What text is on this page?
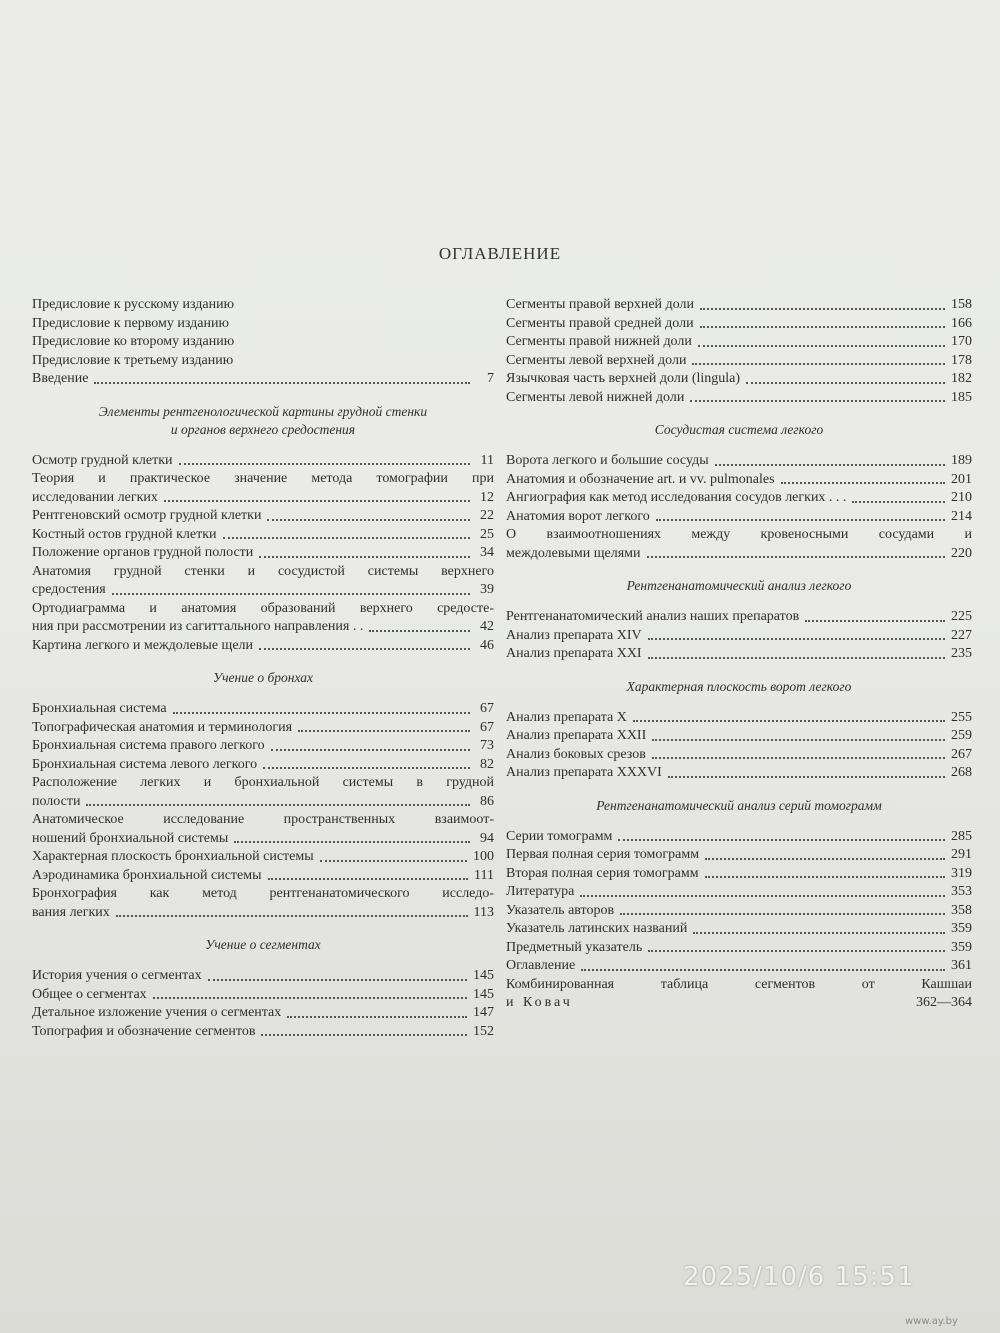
ОГЛАВЛЕНИЕ
Предисловие к русскому изданию
Предисловие к первому изданию
Предисловие ко второму изданию
Предисловие к третьему изданию
Введение	7
Элементы рентгенологической картины грудной стенки
и органов верхнего средостения
Осмотр грудной клетки	11
Теория и практическое значение метода томографии при
исследовании легких	12
Рентгеновский осмотр грудной клетки	22
Костный остов грудной клетки	25
Положение органов грудной полости	34
Анатомия грудной стенки и сосудистой системы верхнего
средостения	39
Ортодиаграмма и анатомия образований верхнего средосте-
ния при рассмотрении из сагиттального направления . .	42
Картина легкого и междолевые щели	46
Учение о бронхах
Бронхиальная система	67
Топографическая анатомия и терминология	67
Бронхиальная система правого легкого	73
Бронхиальная система левого легкого	82
Расположение легких и бронхиальной системы в грудной
полости	86
Анатомическое исследование пространственных взаимоот-
ношений бронхиальной системы	94
Характерная плоскость бронхиальной системы	100
Аэродинамика бронхиальной системы	111
Бронхография как метод рентгенанатомического исследо-
вания легких	113
Учение о сегментах
История учения о сегментах	145
Общее о сегментах	145
Детальное изложение учения о сегментах	147
Топография и обозначение сегментов	152
Сегменты правой верхней доли	158
Сегменты правой средней доли	166
Сегменты правой нижней доли	170
Сегменты левой верхней доли	178
Язычковая часть верхней доли (lingula)	182
Сегменты левой нижней доли	185
Сосудистая система легкого
Ворота легкого и большие сосуды	189
Анатомия и обозначение art. и vv. pulmonales	201
Ангиография как метод исследования сосудов легких . . .	210
Анатомия ворот легкого	214
О взаимоотношениях между кровеносными сосудами и
междолевыми щелями	220
Рентгенанатомический анализ легкого
Рентгенанатомический анализ наших препаратов	225
Анализ препарата XIV	227
Анализ препарата XXI	235
Характерная плоскость ворот легкого
Анализ препарата X	255
Анализ препарата XXII	259
Анализ боковых срезов	267
Анализ препарата XXXVI	268
Рентгенанатомический анализ серий томограмм
Серии томограмм	285
Первая полная серия томограмм	291
Вторая полная серия томограмм	319
Литература	353
Указатель авторов	358
Указатель латинских названий	359
Предметный указатель	359
Оглавление	361
Комбинированная таблица сегментов от Кашшаи
и Ковач	362—364
2025/10/6 15:51
www.ay.by
